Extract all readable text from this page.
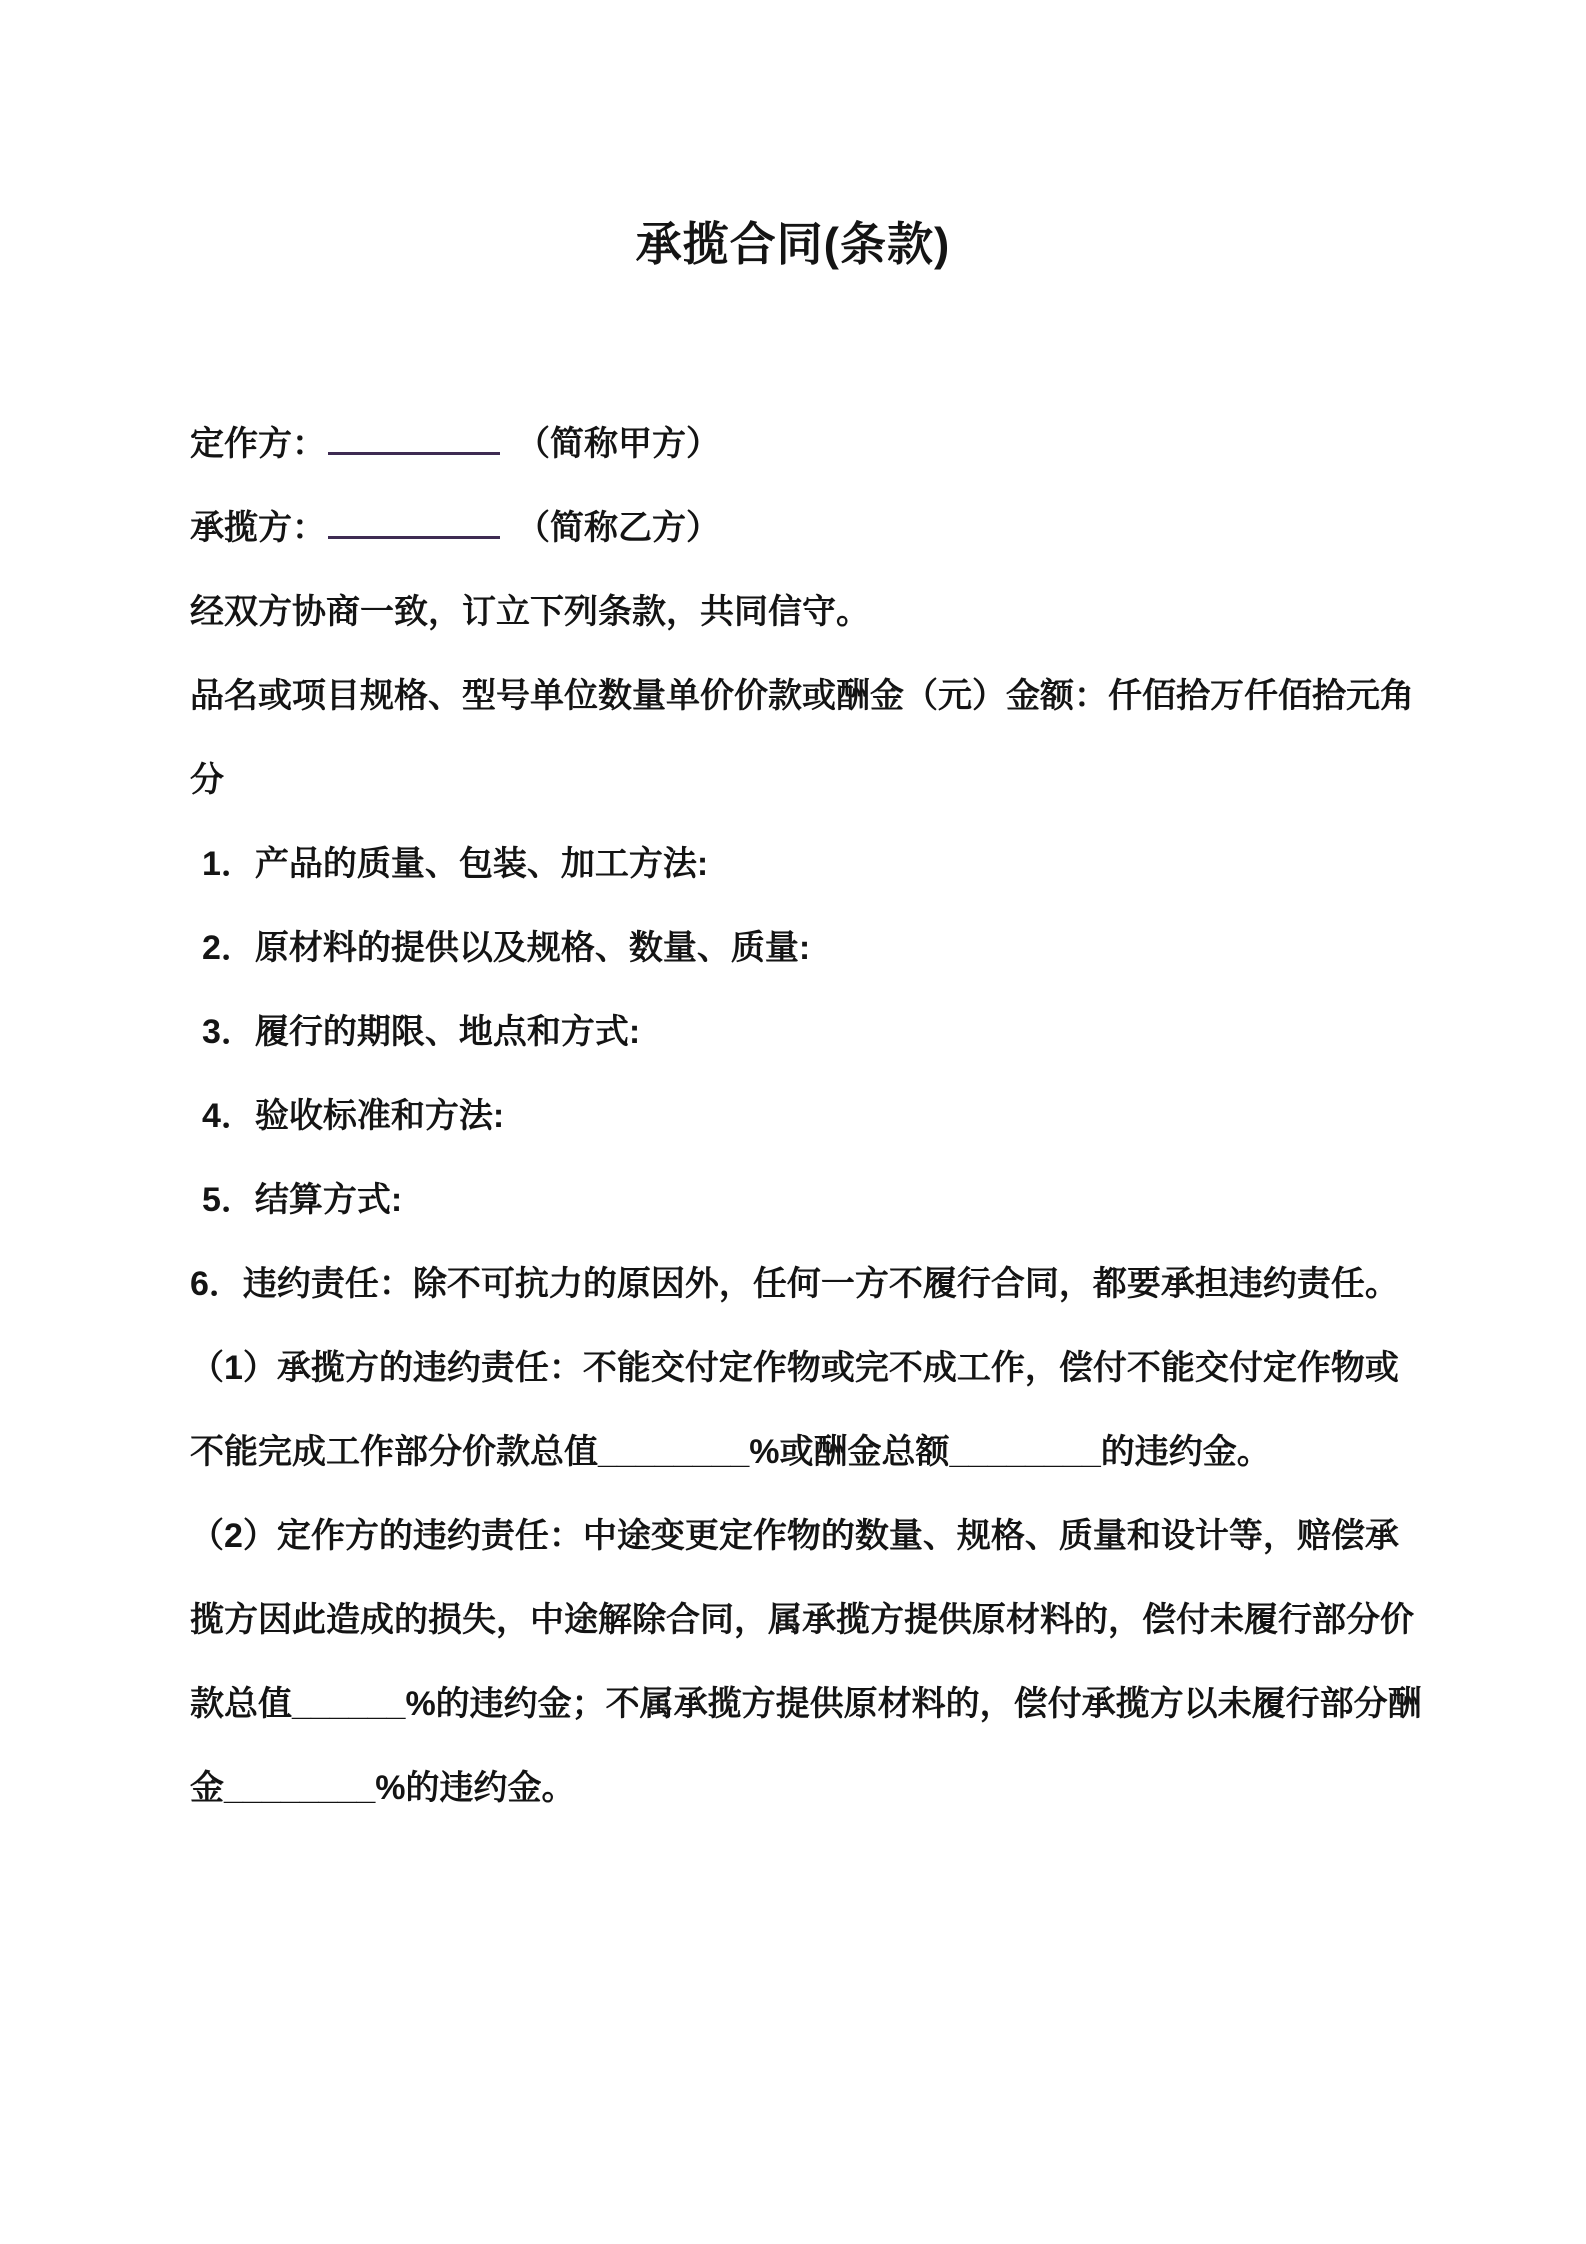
承揽合同(条款)

定作方：	（简称甲方）

承揽方：	（简称乙方）

经双方协商一致，订立下列条款，共同信守。

品名或项目规格、型号单位数量单价价款或酬金（元）金额：仟佰拾万仟佰拾元角分

1．产品的质量、包装、加工方法:

2．原材料的提供以及规格、数量、质量:

3．履行的期限、地点和方式:

4．验收标准和方法:

5．结算方式:

6．违约责任：除不可抗力的原因外，任何一方不履行合同，都要承担违约责任。

（1）承揽方的违约责任：不能交付定作物或完不成工作，偿付不能交付定作物或不能完成工作部分价款总值________%或酬金总额________的违约金。

（2）定作方的违约责任：中途变更定作物的数量、规格、质量和设计等，赔偿承揽方因此造成的损失，中途解除合同，属承揽方提供原材料的，偿付未履行部分价款总值______%的违约金；不属承揽方提供原材料的，偿付承揽方以未履行部分酬金________%的违约金。
